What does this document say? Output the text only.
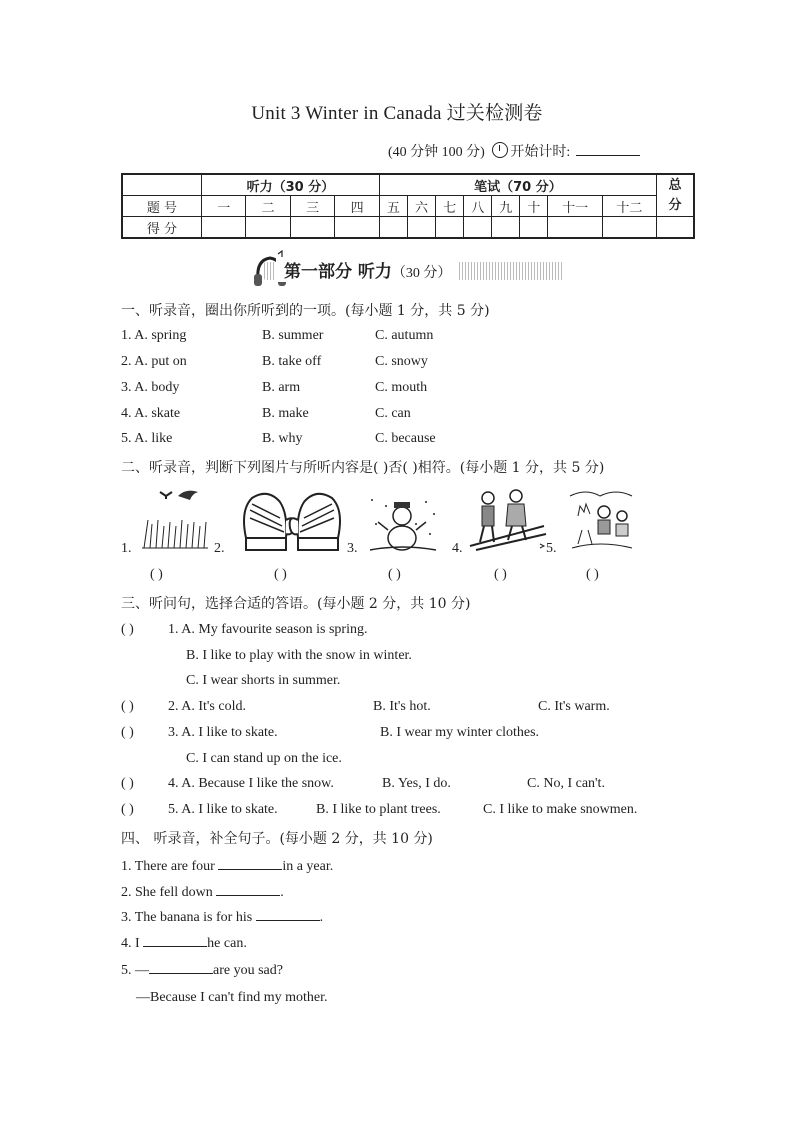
Unit 3 Winter in Canada 过关检测卷
(40 分钟 100 分) 开始计时:
	听力（30 分）				笔试（70 分）								总
分

题 号	一	二	三	四	五	六	七	八	九	十	十一	十二	
得 分													
第一部分 听力（30 分）
一、听录音，圈出你所听到的一项。(每小题 1 分，共 5 分)
1. A. spring	B. summer	C. autumn
2. A. put on	B. take off	C. snowy
3. A. body	B. arm	C. mouth
4. A. skate	B. make	C. can
5. A. like	B. why	C. because
二、听录音，判断下列图片与所听内容是( )否( )相符。(每小题 1 分，共 5 分)
1.	2.	3.	4.	5.
( )	( )	( )	( )	( )
三、听问句，选择合适的答语。(每小题 2 分，共 10 分)
( ) 1. A. My favourite season is spring.
B. I like to play with the snow in winter.
C. I wear shorts in summer.
( ) 2. A. It's cold.	B. It's hot.	C. It's warm.
( ) 3. A. I like to skate.	B. I wear my winter clothes.
C. I can stand up on the ice.
( ) 4. A. Because I like the snow.	B. Yes, I do.	C. No, I can't.
( ) 5. A. I like to skate.	B. I like to plant trees.	C. I like to make snowmen.
四、 听录音，补全句子。(每小题 2 分，共 10 分)
1. There are four	in a year.
2. She fell down	.
3. The banana is for his	.
4. I	he can.
5. —	are you sad?
—Because I can't find my mother.
